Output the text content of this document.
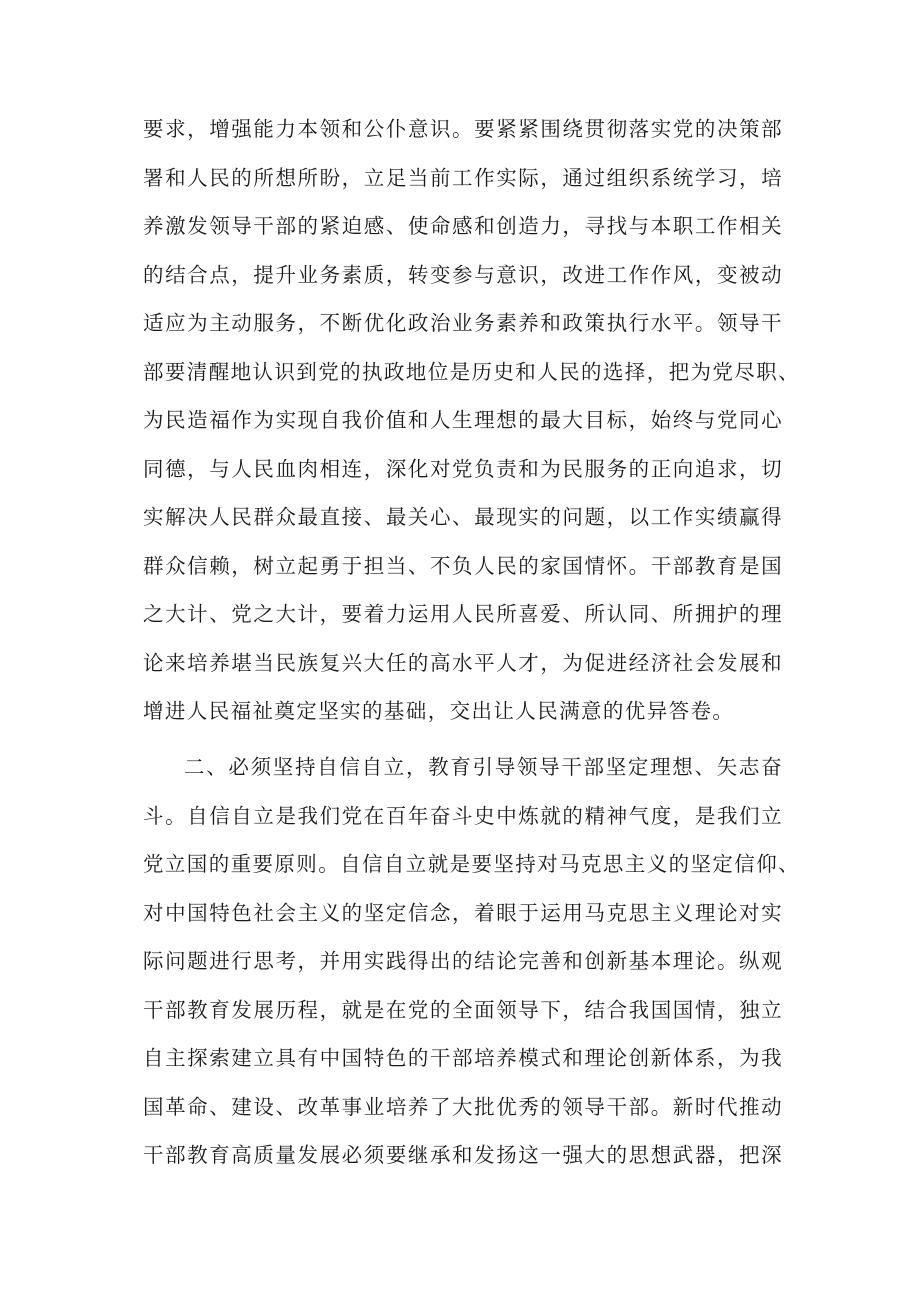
要求，增强能力本领和公仆意识。要紧紧围绕贯彻落实党的决策部
署和人民的所想所盼，立足当前工作实际，通过组织系统学习，培
养激发领导干部的紧迫感、使命感和创造力，寻找与本职工作相关
的结合点，提升业务素质，转变参与意识，改进工作作风，变被动
适应为主动服务，不断优化政治业务素养和政策执行水平。领导干
部要清醒地认识到党的执政地位是历史和人民的选择，把为党尽职、
为民造福作为实现自我价值和人生理想的最大目标，始终与党同心
同德，与人民血肉相连，深化对党负责和为民服务的正向追求，切
实解决人民群众最直接、最关心、最现实的问题，以工作实绩赢得
群众信赖，树立起勇于担当、不负人民的家国情怀。干部教育是国
之大计、党之大计，要着力运用人民所喜爱、所认同、所拥护的理
论来培养堪当民族复兴大任的高水平人才，为促进经济社会发展和
增进人民福祉奠定坚实的基础，交出让人民满意的优异答卷。
二、必须坚持自信自立，教育引导领导干部坚定理想、矢志奋
斗。自信自立是我们党在百年奋斗史中炼就的精神气度，是我们立
党立国的重要原则。自信自立就是要坚持对马克思主义的坚定信仰、
对中国特色社会主义的坚定信念，着眼于运用马克思主义理论对实
际问题进行思考，并用实践得出的结论完善和创新基本理论。纵观
干部教育发展历程，就是在党的全面领导下，结合我国国情，独立
自主探索建立具有中国特色的干部培养模式和理论创新体系，为我
国革命、建设、改革事业培养了大批优秀的领导干部。新时代推动
干部教育高质量发展必须要继承和发扬这一强大的思想武器，把深
